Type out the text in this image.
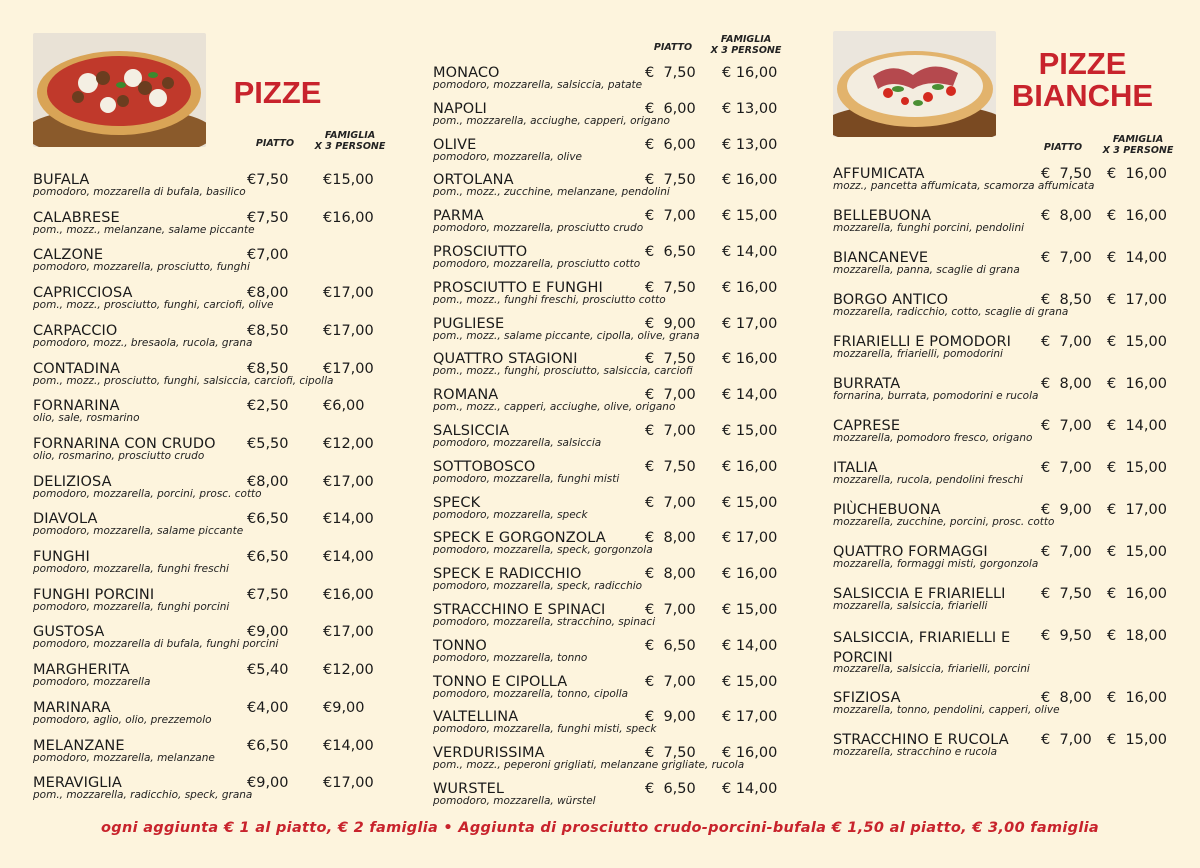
PIZZE
PIATTO
FAMIGLIA
X 3 PERSONE
BUFALA
pomodoro, mozzarella di bufala, basilico
€7,50 €15,00
CALABRESE
pom., mozz., melanzane, salame piccante
€7,50 €16,00
CALZONE
pomodoro, mozzarella, prosciutto, funghi
€7,00
CAPRICCIOSA
pom., mozz., prosciutto, funghi, carciofi, olive
€8,00 €17,00
CARPACCIO
pomodoro, mozz., bresaola, rucola, grana
€8,50 €17,00
CONTADINA
pom., mozz., prosciutto, funghi, salsiccia, carciofi, cipolla
€8,50 €17,00
FORNARINA
olio, sale, rosmarino
€2,50 €6,00
FORNARINA CON CRUDO
olio, rosmarino, prosciutto crudo
€5,50 €12,00
DELIZIOSA
pomodoro, mozzarella, porcini, prosc. cotto
€8,00 €17,00
DIAVOLA
pomodoro, mozzarella, salame piccante
€6,50 €14,00
FUNGHI
pomodoro, mozzarella, funghi freschi
€6,50 €14,00
FUNGHI PORCINI
pomodoro, mozzarella, funghi porcini
€7,50 €16,00
GUSTOSA
pomodoro, mozzarella di bufala, funghi porcini
€9,00 €17,00
MARGHERITA
pomodoro, mozzarella
€5,40 €12,00
MARINARA
pomodoro, aglio, olio, prezzemolo
€4,00 €9,00
MELANZANE
pomodoro, mozzarella, melanzane
€6,50 €14,00
MERAVIGLIA
pom., mozzarella, radicchio, speck, grana
€9,00 €17,00
PIATTO
FAMIGLIA
X 3 PERSONE
MONACO
pomodoro, mozzarella, salsiccia, patate
€  7,50 € 16,00
NAPOLI
pom., mozzarella, acciughe, capperi, origano
€  6,00 € 13,00
OLIVE
pomodoro, mozzarella, olive
€  6,00 € 13,00
ORTOLANA
pom., mozz., zucchine, melanzane, pendolini
€  7,50 € 16,00
PARMA
pomodoro, mozzarella, prosciutto crudo
€  7,00 € 15,00
PROSCIUTTO
pomodoro, mozzarella, prosciutto cotto
€  6,50 € 14,00
PROSCIUTTO E FUNGHI
pom., mozz., funghi freschi, prosciutto cotto
€  7,50 € 16,00
PUGLIESE
pom., mozz., salame piccante, cipolla, olive, grana
€  9,00 € 17,00
QUATTRO STAGIONI
pom., mozz., funghi, prosciutto, salsiccia, carciofi
€  7,50 € 16,00
ROMANA
pom., mozz., capperi, acciughe, olive, origano
€  7,00 € 14,00
SALSICCIA
pomodoro, mozzarella, salsiccia
€  7,00 € 15,00
SOTTOBOSCO
pomodoro, mozzarella, funghi misti
€  7,50 € 16,00
SPECK
pomodoro, mozzarella, speck
€  7,00 € 15,00
SPECK E GORGONZOLA
pomodoro, mozzarella, speck, gorgonzola
€  8,00 € 17,00
SPECK E RADICCHIO
pomodoro, mozzarella, speck, radicchio
€  8,00 € 16,00
STRACCHINO E SPINACI
pomodoro, mozzarella, stracchino, spinaci
€  7,00 € 15,00
TONNO
pomodoro, mozzarella, tonno
€  6,50 € 14,00
TONNO E CIPOLLA
pomodoro, mozzarella, tonno, cipolla
€  7,00 € 15,00
VALTELLINA
pomodoro, mozzarella, funghi misti, speck
€  9,00 € 17,00
VERDURISSIMA
pom., mozz., peperoni grigliati, melanzane grigliate, rucola
€  7,50 € 16,00
WURSTEL
pomodoro, mozzarella, würstel
€  6,50 € 14,00
PIZZE
BIANCHE
PIATTO
FAMIGLIA
X 3 PERSONE
AFFUMICATA
mozz., pancetta affumicata, scamorza affumicata
€  7,50 €  16,00
BELLEBUONA
mozzarella, funghi porcini, pendolini
€  8,00 €  16,00
BIANCANEVE
mozzarella, panna, scaglie di grana
€  7,00 €  14,00
BORGO ANTICO
mozzarella, radicchio, cotto, scaglie di grana
€  8,50 €  17,00
FRIARIELLI E POMODORI
mozzarella, friarielli, pomodorini
€  7,00 €  15,00
BURRATA
fornarina, burrata, pomodorini e rucola
€  8,00 €  16,00
CAPRESE
mozzarella, pomodoro fresco, origano
€  7,00 €  14,00
ITALIA
mozzarella, rucola, pendolini freschi
€  7,00 €  15,00
PIÙCHEBUONA
mozzarella, zucchine, porcini, prosc. cotto
€  9,00 €  17,00
QUATTRO FORMAGGI
mozzarella, formaggi misti, gorgonzola
€  7,00 €  15,00
SALSICCIA E FRIARIELLI
mozzarella, salsiccia, friarielli
€  7,50 €  16,00
SALSICCIA, FRIARIELLI E PORCINI
mozzarella, salsiccia, friarielli, porcini
€  9,50 €  18,00
SFIZIOSA
mozzarella, tonno, pendolini, capperi, olive
€  8,00 €  16,00
STRACCHINO E RUCOLA
mozzarella, stracchino e rucola
€  7,00 €  15,00
ogni aggiunta € 1 al piatto, € 2 famiglia • Aggiunta di prosciutto crudo-porcini-bufala € 1,50 al piatto, € 3,00 famiglia
